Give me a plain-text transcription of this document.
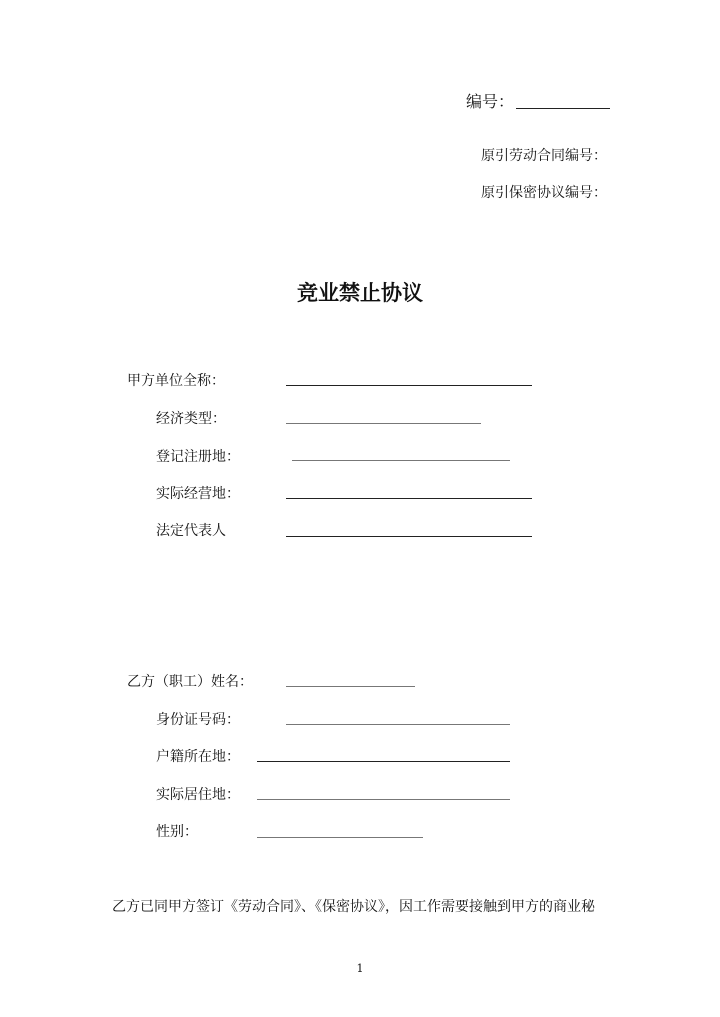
编号：
原引劳动合同编号：
原引保密协议编号：
竞业禁止协议
甲方单位全称：
经济类型：
登记注册地：
实际经营地：
法定代表人
乙方（职工）姓名：
身份证号码：
户籍所在地：
实际居住地：
性别：
乙方已同甲方签订《劳动合同》、《保密协议》，因工作需要接触到甲方的商业秘
1
